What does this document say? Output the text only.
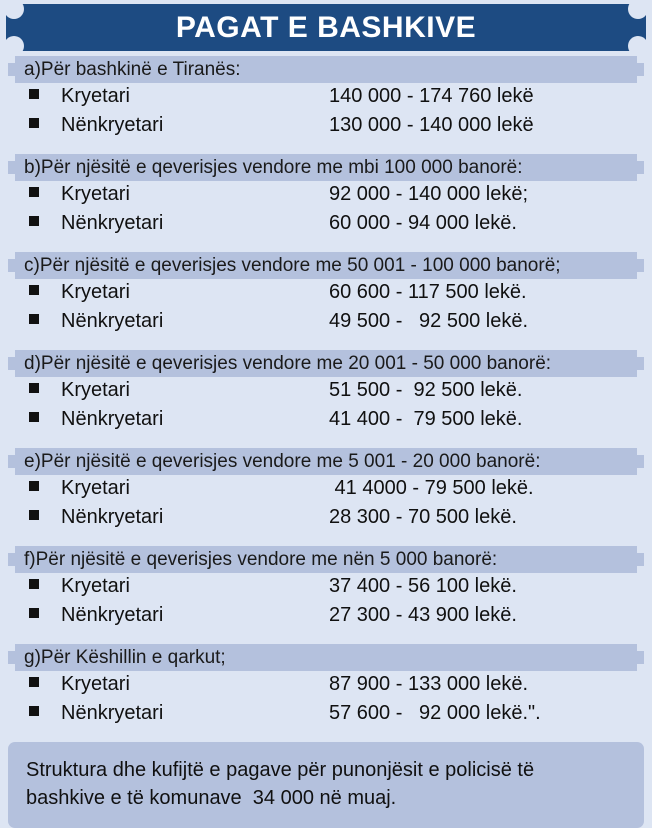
PAGAT E BASHKIVE
a)Për bashkinë e Tiranës:
Kryetari	140 000 - 174 760 lekë
Nënkryetari	130 000 - 140 000 lekë
b)Për njësitë e qeverisjes vendore me mbi 100 000 banorë:
Kryetari	92 000 - 140 000 lekë;
Nënkryetari	60 000 - 94 000 lekë.
c)Për njësitë e qeverisjes vendore me 50 001 - 100 000 banorë;
Kryetari	60 600 - 117 500 lekë.
Nënkryetari	49 500 -   92 500 lekë.
d)Për njësitë e qeverisjes vendore me 20 001 - 50 000 banorë:
Kryetari	51 500 -  92 500 lekë.
Nënkryetari	41 400 -  79 500 lekë.
e)Për njësitë e qeverisjes vendore me 5 001 - 20 000 banorë:
Kryetari	41 4000 - 79 500 lekë.
Nënkryetari	28 300 - 70 500 lekë.
f)Për njësitë e qeverisjes vendore me nën 5 000 banorë:
Kryetari	37 400 - 56 100 lekë.
Nënkryetari	27 300 - 43 900 lekë.
g)Për Këshillin e qarkut;
Kryetari	87 900 - 133 000 lekë.
Nënkryetari	57 600 -   92 000 lekë.".
Struktura dhe kufijtë e pagave për punonjësit e policisë të
bashkive e të komunave  34 000 në muaj.
